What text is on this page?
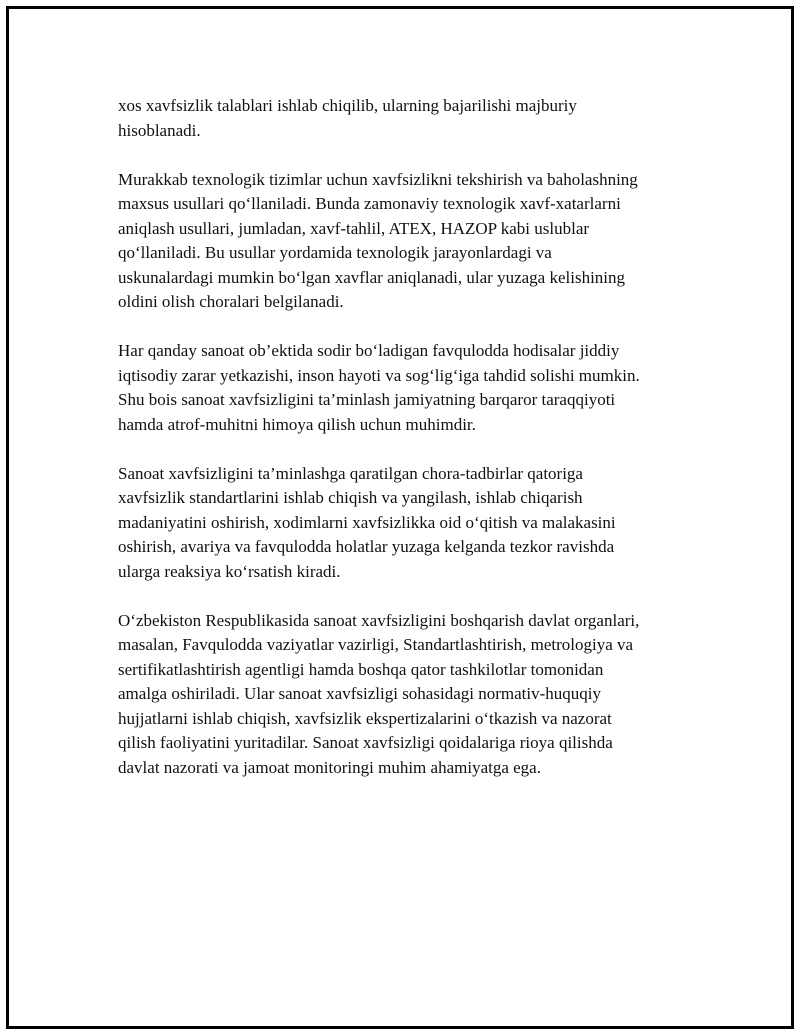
xos xavfsizlik talablari ishlab chiqilib, ularning bajarilishi majburiy
hisoblanadi.

Murakkab texnologik tizimlar uchun xavfsizlikni tekshirish va baholashning
maxsus usullari qo‘llaniladi. Bunda zamonaviy texnologik xavf-xatarlarni
aniqlash usullari, jumladan, xavf-tahlil, ATEX, HAZOP kabi uslublar
qo‘llaniladi. Bu usullar yordamida texnologik jarayonlardagi va
uskunalardagi mumkin bo‘lgan xavflar aniqlanadi, ular yuzaga kelishining
oldini olish choralari belgilanadi.

Har qanday sanoat ob’ektida sodir bo‘ladigan favqulodda hodisalar jiddiy
iqtisodiy zarar yetkazishi, inson hayoti va sog‘lig‘iga tahdid solishi mumkin.
Shu bois sanoat xavfsizligini ta’minlash jamiyatning barqaror taraqqiyoti
hamda atrof-muhitni himoya qilish uchun muhimdir.

Sanoat xavfsizligini ta’minlashga qaratilgan chora-tadbirlar qatoriga
xavfsizlik standartlarini ishlab chiqish va yangilash, ishlab chiqarish
madaniyatini oshirish, xodimlarni xavfsizlikka oid o‘qitish va malakasini
oshirish, avariya va favqulodda holatlar yuzaga kelganda tezkor ravishda
ularga reaksiya ko‘rsatish kiradi.

O‘zbekiston Respublikasida sanoat xavfsizligini boshqarish davlat organlari,
masalan, Favqulodda vaziyatlar vazirligi, Standartlashtirish, metrologiya va
sertifikatlashtirish agentligi hamda boshqa qator tashkilotlar tomonidan
amalga oshiriladi. Ular sanoat xavfsizligi sohasidagi normativ-huquqiy
hujjatlarni ishlab chiqish, xavfsizlik ekspertizalarini o‘tkazish va nazorat
qilish faoliyatini yuritadilar. Sanoat xavfsizligi qoidalariga rioya qilishda
davlat nazorati va jamoat monitoringi muhim ahamiyatga ega.
